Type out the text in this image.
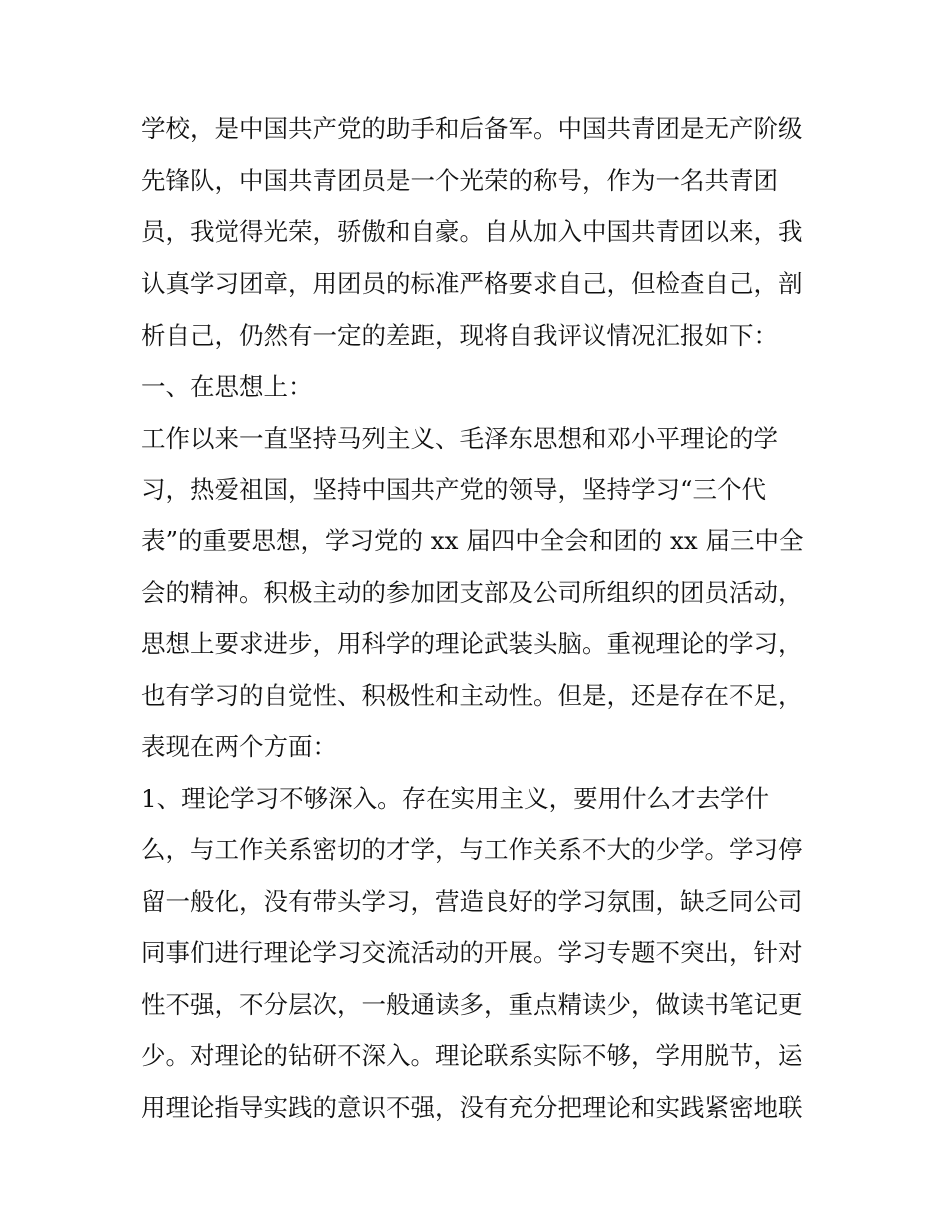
学校，是中国共产党的助手和后备军。中国共青团是无产阶级
先锋队，中国共青团员是一个光荣的称号，作为一名共青团
员，我觉得光荣，骄傲和自豪。自从加入中国共青团以来，我
认真学习团章，用团员的标准严格要求自己，但检查自己，剖
析自己，仍然有一定的差距，现将自我评议情况汇报如下：
一、在思想上：
工作以来一直坚持马列主义、毛泽东思想和邓小平理论的学
习，热爱祖国，坚持中国共产党的领导，坚持学习“三个代
表”的重要思想，学习党的 xx 届四中全会和团的 xx 届三中全
会的精神。积极主动的参加团支部及公司所组织的团员活动，
思想上要求进步，用科学的理论武装头脑。重视理论的学习，
也有学习的自觉性、积极性和主动性。但是，还是存在不足，
表现在两个方面：
1、理论学习不够深入。存在实用主义，要用什么才去学什
么，与工作关系密切的才学，与工作关系不大的少学。学习停
留一般化，没有带头学习，营造良好的学习氛围，缺乏同公司
同事们进行理论学习交流活动的开展。学习专题不突出，针对
性不强，不分层次，一般通读多，重点精读少，做读书笔记更
少。对理论的钻研不深入。理论联系实际不够，学用脱节，运
用理论指导实践的意识不强，没有充分把理论和实践紧密地联
